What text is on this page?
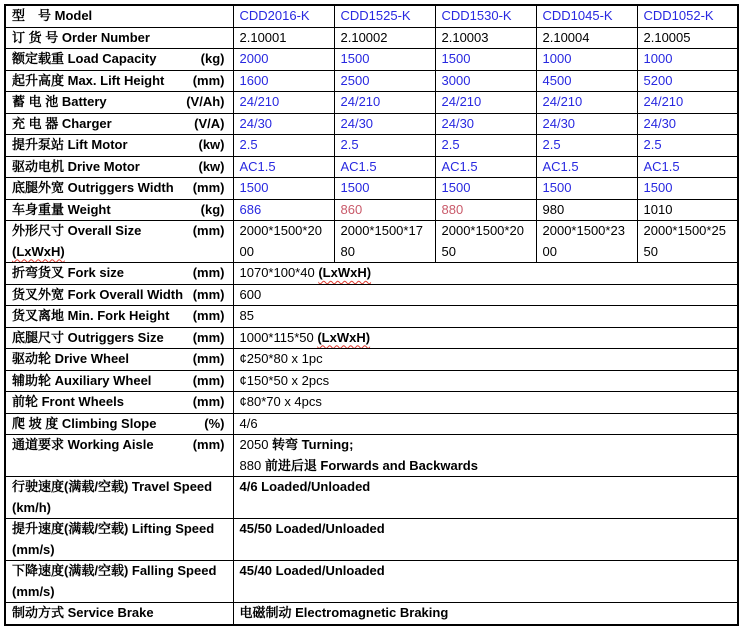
型　号 Model	CDD2016-K	CDD1525-K	CDD1530-K	CDD1045-K	CDD1052-K

订 货 号 Order Number	2.10001	2.10002	2.10003	2.10004	2.10005

额定载重 Load Capacity (kg)	2000	1500	1500	1000	1000

起升高度 Max. Lift Height (mm)	1600	2500	3000	4500	5200

蓄 电 池 Battery (V/Ah)	24/210	24/210	24/210	24/210	24/210

充 电 器 Charger (V/A)	24/30	24/30	24/30	24/30	24/30

提升泵站 Lift Motor (kw)	2.5	2.5	2.5	2.5	2.5

驱动电机 Drive Motor (kw)	AC1.5	AC1.5	AC1.5	AC1.5	AC1.5

底腿外宽 Outriggers Width (mm)	1500	1500	1500	1500	1500

车身重量 Weight (kg)	686	860	880	980	1010

外形尺寸 Overall Size (LxWxH)
(mm)	2000*1500*2000	2000*1500*1780	2000*1500*2050	2000*1500*2300	2000*1500*2550

折弯货叉 Fork size (mm)	1070*100*40 (LxWxH)				

货叉外宽 Fork Overall Width (mm)	600				

货叉离地 Min. Fork Height (mm)	85				

底腿尺寸 Outriggers Size (mm)	1000*115*50 (LxWxH)				

驱动轮 Drive Wheel (mm)	¢250*80 x 1pc				

辅助轮 Auxiliary Wheel (mm)	¢150*50 x 2pcs				

前轮 Front Wheels (mm)	¢80*70 x 4pcs				

爬 坡 度 Climbing Slope (%)	4/6				

通道要求 Working Aisle (mm)	2050 转弯 Turning;
880 前进后退 Forwards and Backwards				

行驶速度(满载/空载) Travel Speed
(km/h)	4/6 Loaded/Unloaded				

提升速度(满载/空载) Lifting Speed
(mm/s)	45/50 Loaded/Unloaded				

下降速度(满载/空载) Falling Speed
(mm/s)	45/40 Loaded/Unloaded				

制动方式 Service Brake	电磁制动 Electromagnetic Braking				
